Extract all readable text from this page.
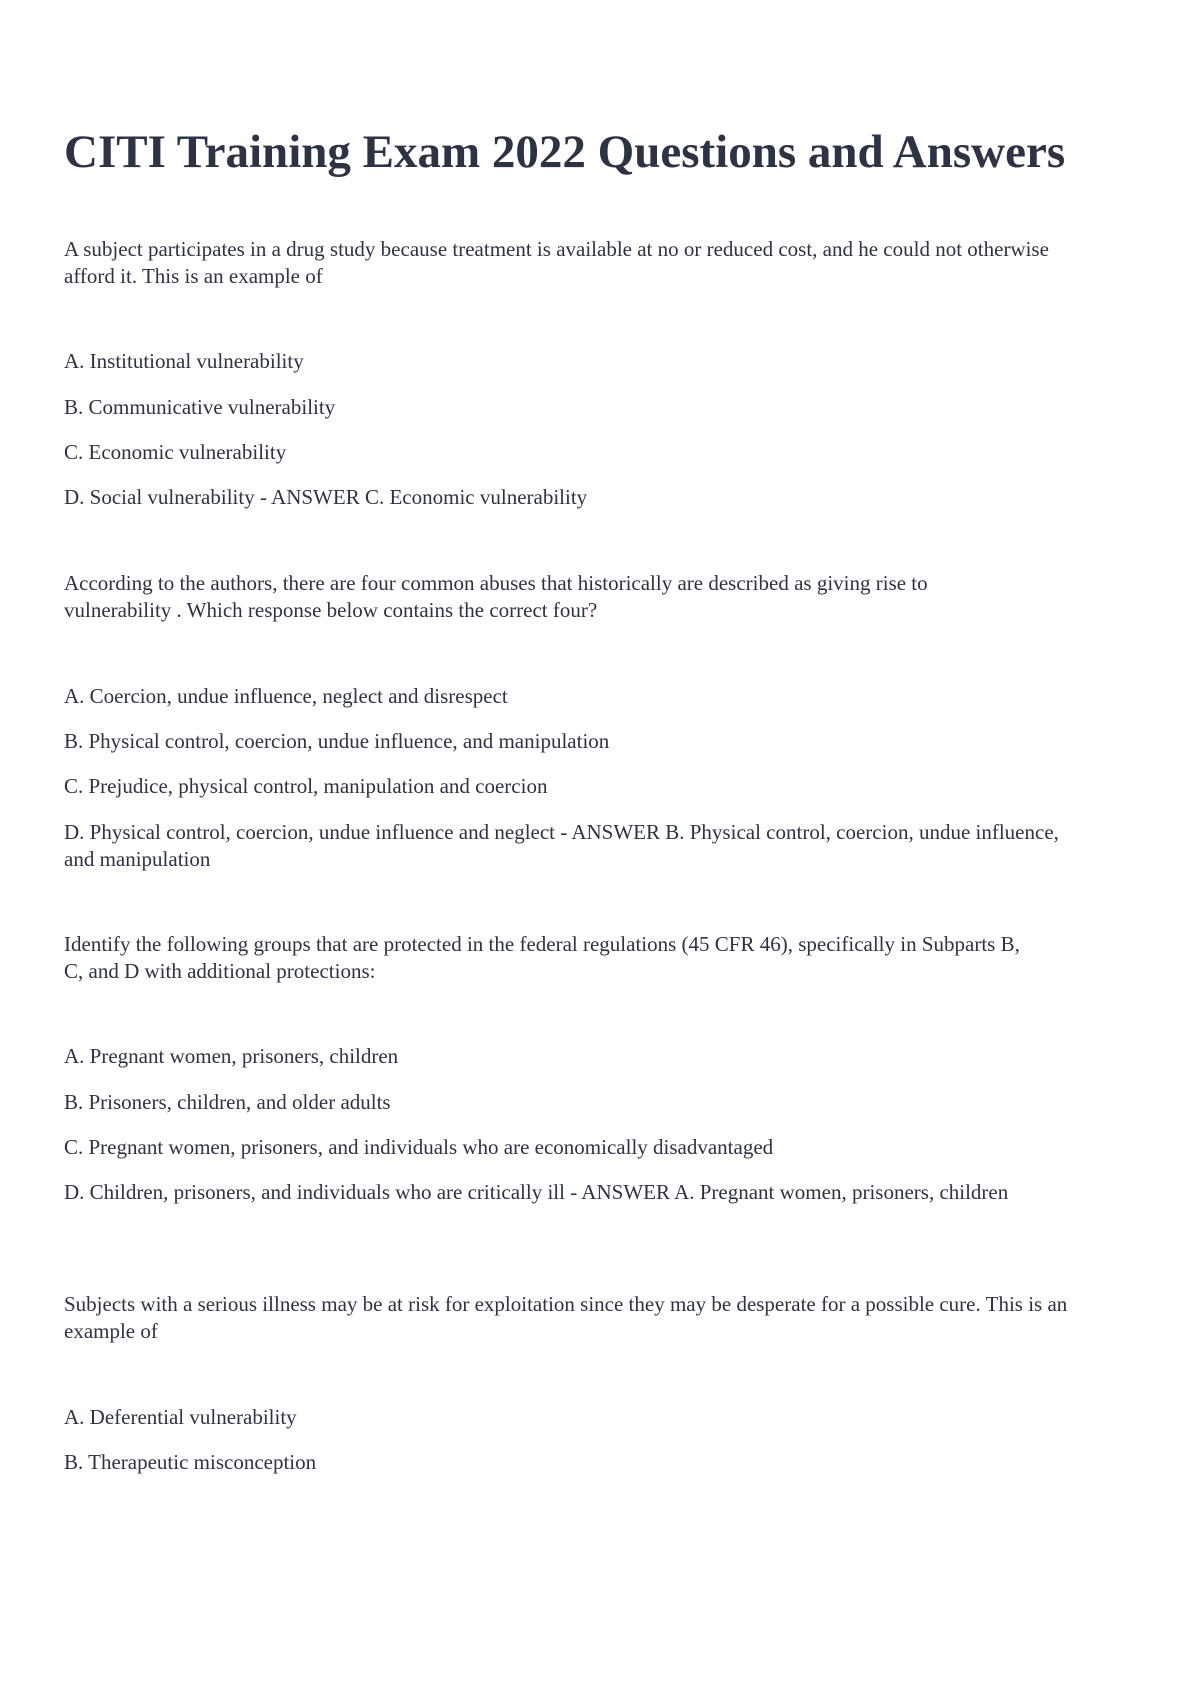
CITI Training Exam 2022 Questions and Answers
A subject participates in a drug study because treatment is available at no or reduced cost, and he could not otherwise afford it. This is an example of
A. Institutional vulnerability
B. Communicative vulnerability
C. Economic vulnerability
D. Social vulnerability - ANSWER C. Economic vulnerability
According to the authors, there are four common abuses that historically are described as giving rise to vulnerability . Which response below contains the correct four?
A. Coercion, undue influence, neglect and disrespect
B. Physical control, coercion, undue influence, and manipulation
C. Prejudice, physical control, manipulation and coercion
D. Physical control, coercion, undue influence and neglect - ANSWER B. Physical control, coercion, undue influence, and manipulation
Identify the following groups that are protected in the federal regulations (45 CFR 46), specifically in Subparts B, C, and D with additional protections:
A. Pregnant women, prisoners, children
B. Prisoners, children, and older adults
C. Pregnant women, prisoners, and individuals who are economically disadvantaged
D. Children, prisoners, and individuals who are critically ill - ANSWER A. Pregnant women, prisoners, children
Subjects with a serious illness may be at risk for exploitation since they may be desperate for a possible cure. This is an example of
A. Deferential vulnerability
B. Therapeutic misconception
